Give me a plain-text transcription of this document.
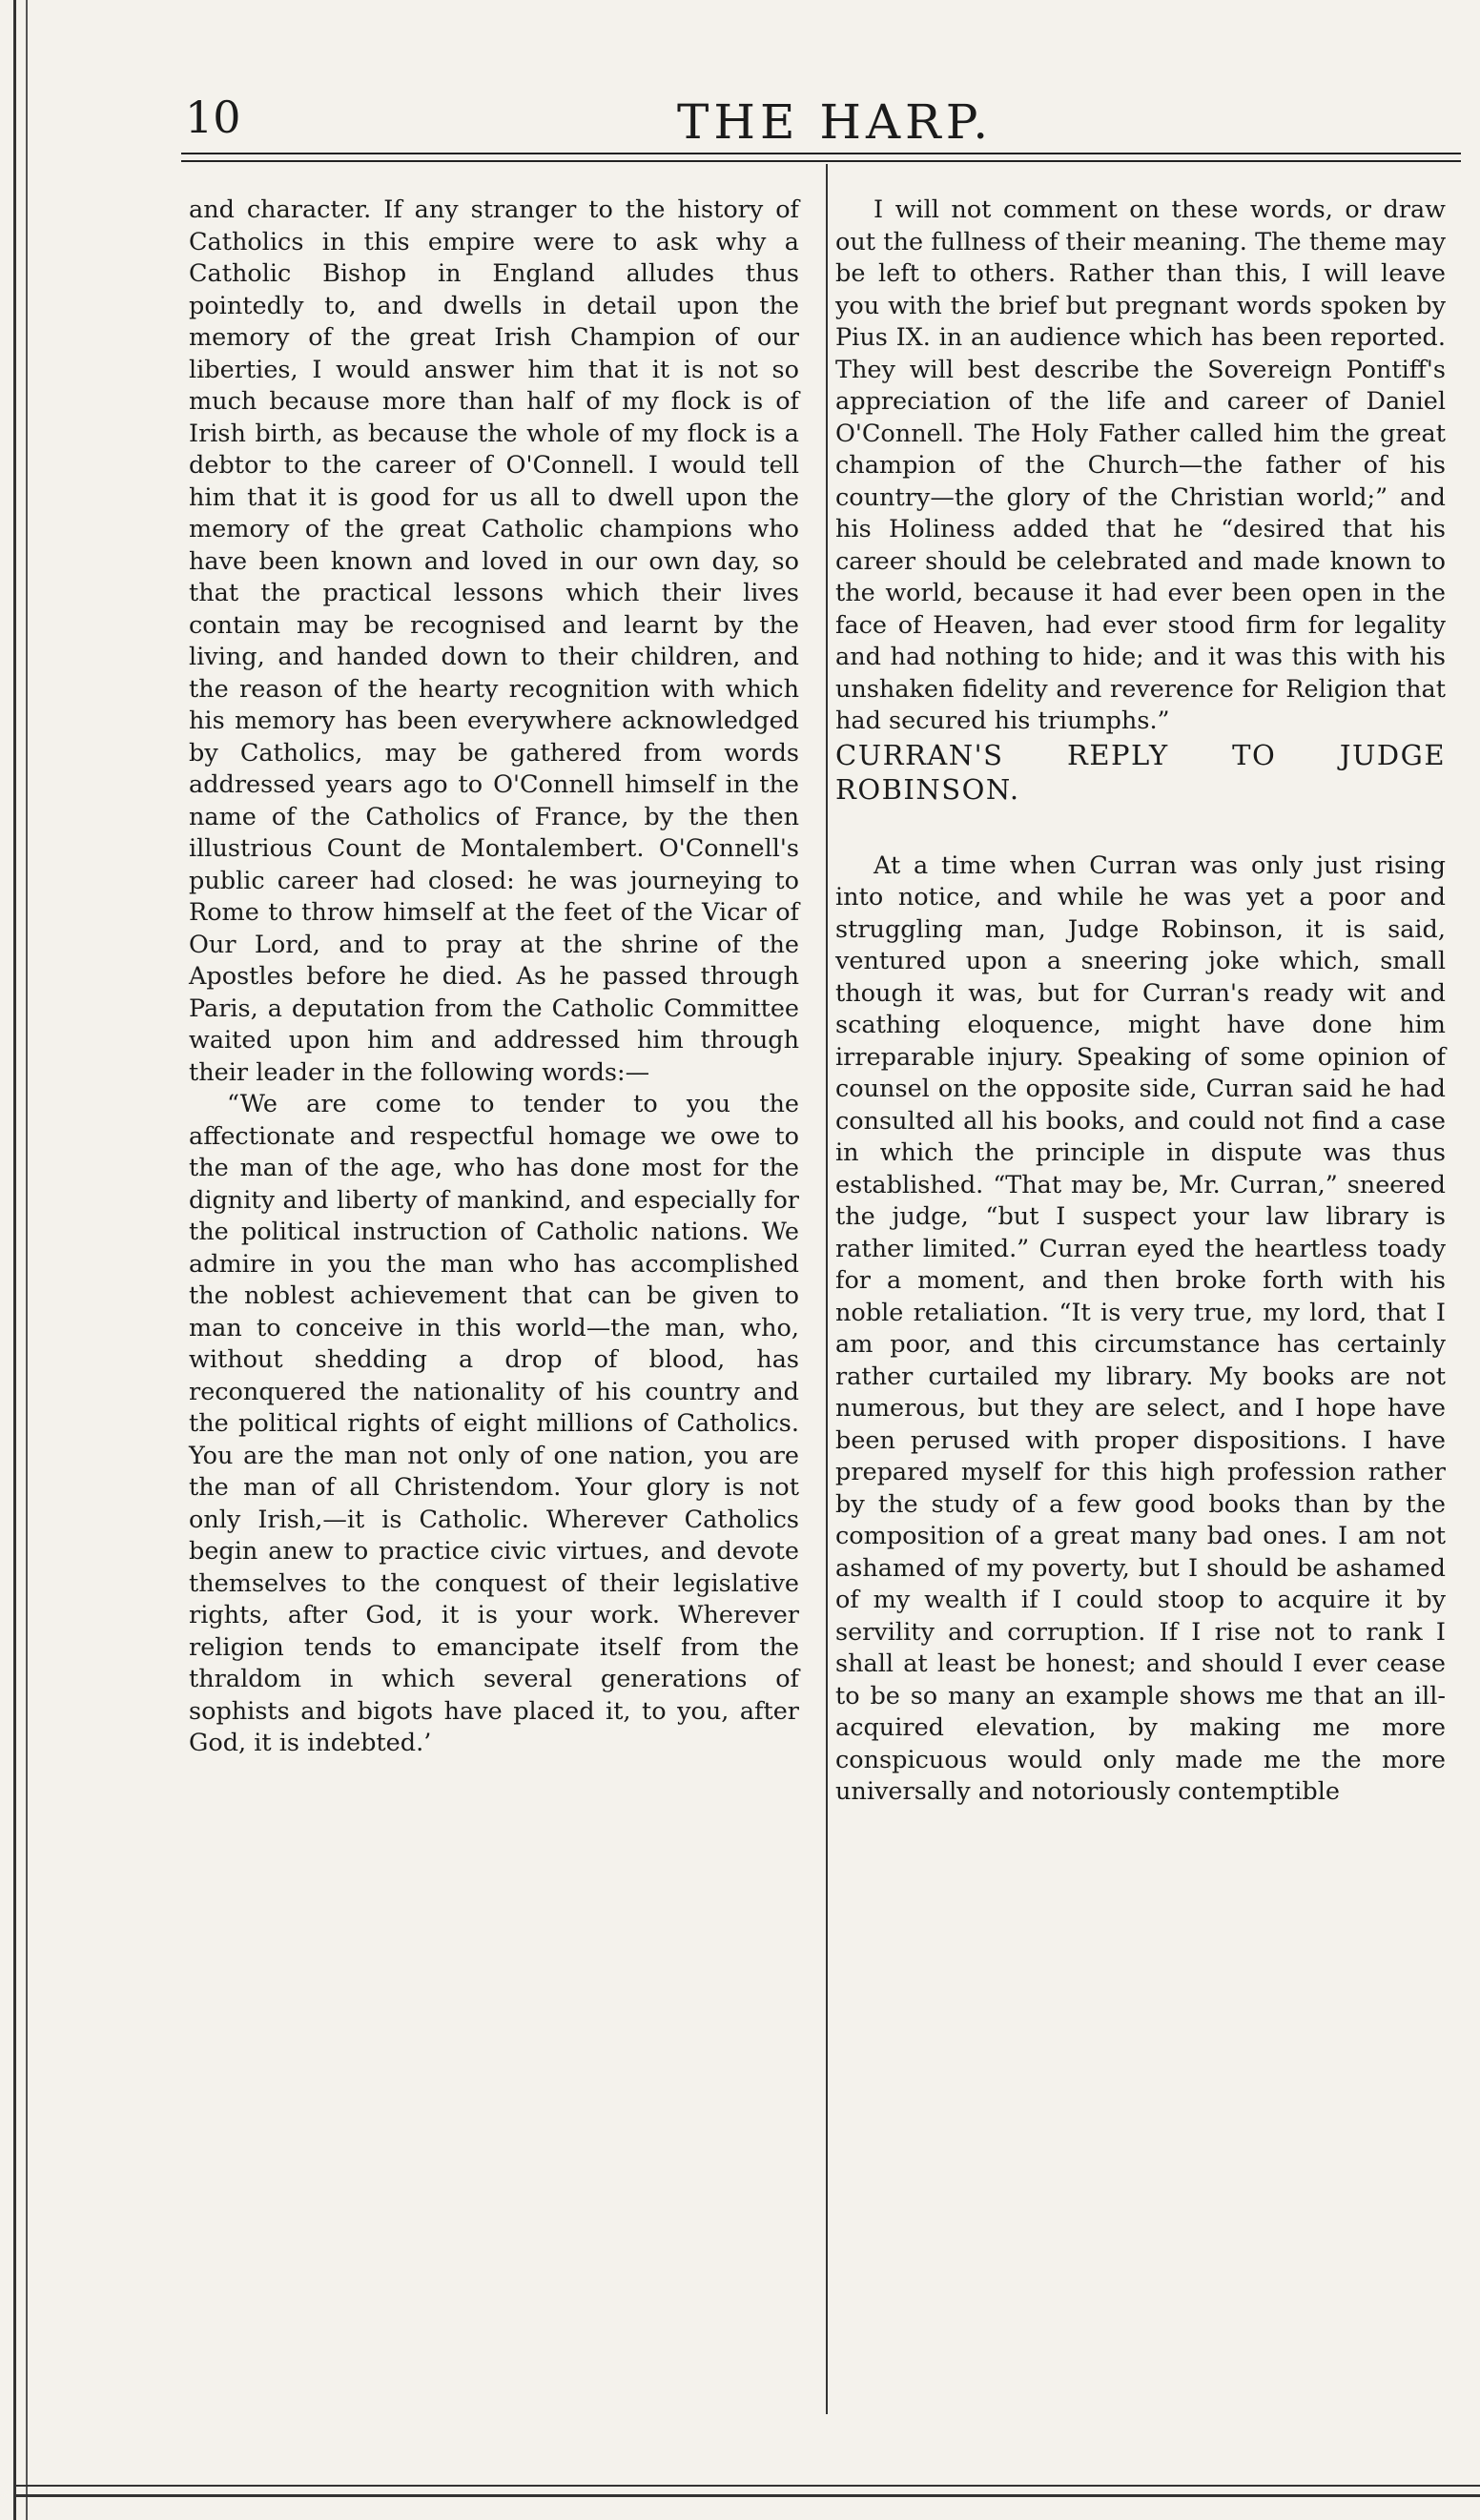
10	THE HARP.

and character. If any stranger to the history of Catholics in this empire were to ask why a Catholic Bishop in England alludes thus pointedly to, and dwells in detail upon the memory of the great Irish Champion of our liberties, I would answer him that it is not so much because more than half of my flock is of Irish birth, as because the whole of my flock is a debtor to the career of O'Connell. I would tell him that it is good for us all to dwell upon the memory of the great Catholic champions who have been known and loved in our own day, so that the practical lessons which their lives contain may be recognised and learnt by the living, and handed down to their children, and the reason of the hearty recognition with which his memory has been everywhere acknowledged by Catholics, may be gathered from words addressed years ago to O'Connell himself in the name of the Catholics of France, by the then illustrious Count de Montalembert. O'Connell's public career had closed: he was journeying to Rome to throw himself at the feet of the Vicar of Our Lord, and to pray at the shrine of the Apostles before he died. As he passed through Paris, a deputation from the Catholic Committee waited upon him and addressed him through their leader in the following words:—

“We are come to tender to you the affectionate and respectful homage we owe to the man of the age, who has done most for the dignity and liberty of mankind, and especially for the political instruction of Catholic nations. We admire in you the man who has accomplished the noblest achievement that can be given to man to conceive in this world—the man, who, without shedding a drop of blood, has reconquered the nationality of his country and the political rights of eight millions of Catholics. You are the man not only of one nation, you are the man of all Christendom. Your glory is not only Irish,—it is Catholic. Wherever Catholics begin anew to practice civic virtues, and devote themselves to the conquest of their legislative rights, after God, it is your work. Wherever religion tends to emancipate itself from the thraldom in which several generations of sophists and bigots have placed it, to you, after God, it is indebted.’

I will not comment on these words, or draw out the fullness of their meaning. The theme may be left to others. Rather than this, I will leave you with the brief but pregnant words spoken by Pius IX. in an audience which has been reported. They will best describe the Sovereign Pontiff's appreciation of the life and career of Daniel O'Connell. The Holy Father called him the great champion of the Church—the father of his country—the glory of the Christian world;” and his Holiness added that he “desired that his career should be celebrated and made known to the world, because it had ever been open in the face of Heaven, had ever stood firm for legality and had nothing to hide; and it was this with his unshaken fidelity and reverence for Religion that had secured his triumphs.”

CURRAN'S REPLY TO JUDGE ROBINSON.

At a time when Curran was only just rising into notice, and while he was yet a poor and struggling man, Judge Robinson, it is said, ventured upon a sneering joke which, small though it was, but for Curran's ready wit and scathing eloquence, might have done him irreparable injury. Speaking of some opinion of counsel on the opposite side, Curran said he had consulted all his books, and could not find a case in which the principle in dispute was thus established. “That may be, Mr. Curran,” sneered the judge, “but I suspect your law library is rather limited.” Curran eyed the heartless toady for a moment, and then broke forth with his noble retaliation. “It is very true, my lord, that I am poor, and this circumstance has certainly rather curtailed my library. My books are not numerous, but they are select, and I hope have been perused with proper dispositions. I have prepared myself for this high profession rather by the study of a few good books than by the composition of a great many bad ones. I am not ashamed of my poverty, but I should be ashamed of my wealth if I could stoop to acquire it by servility and corruption. If I rise not to rank I shall at least be honest; and should I ever cease to be so many an example shows me that an ill-acquired elevation, by making me more conspicuous would only made me the more universally and notoriously contemptible
